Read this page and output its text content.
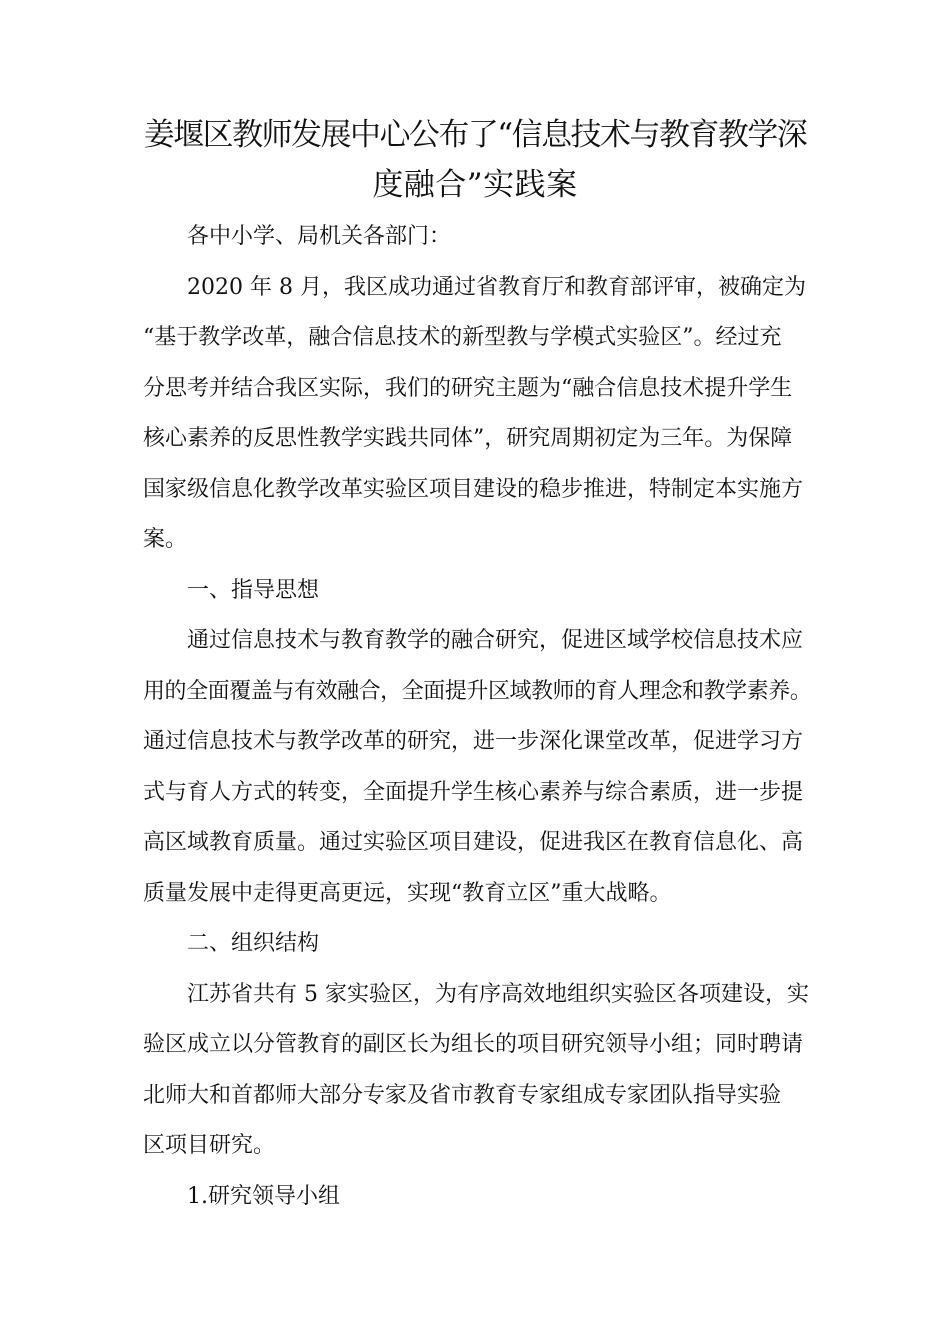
姜堰区教师发展中心公布了“信息技术与教育教学深
度融合”实践案
各中小学、局机关各部门：
2020 年 8 月，我区成功通过省教育厅和教育部评审，被确定为
“基于教学改革，融合信息技术的新型教与学模式实验区”。经过充
分思考并结合我区实际，我们的研究主题为“融合信息技术提升学生
核心素养的反思性教学实践共同体”，研究周期初定为三年。为保障
国家级信息化教学改革实验区项目建设的稳步推进，特制定本实施方
案。
一、指导思想
通过信息技术与教育教学的融合研究，促进区域学校信息技术应
用的全面覆盖与有效融合，全面提升区域教师的育人理念和教学素养。
通过信息技术与教学改革的研究，进一步深化课堂改革，促进学习方
式与育人方式的转变，全面提升学生核心素养与综合素质，进一步提
高区域教育质量。通过实验区项目建设，促进我区在教育信息化、高
质量发展中走得更高更远，实现“教育立区”重大战略。
二、组织结构
江苏省共有 5 家实验区，为有序高效地组织实验区各项建设，实
验区成立以分管教育的副区长为组长的项目研究领导小组；同时聘请
北师大和首都师大部分专家及省市教育专家组成专家团队指导实验
区项目研究。
1.研究领导小组
